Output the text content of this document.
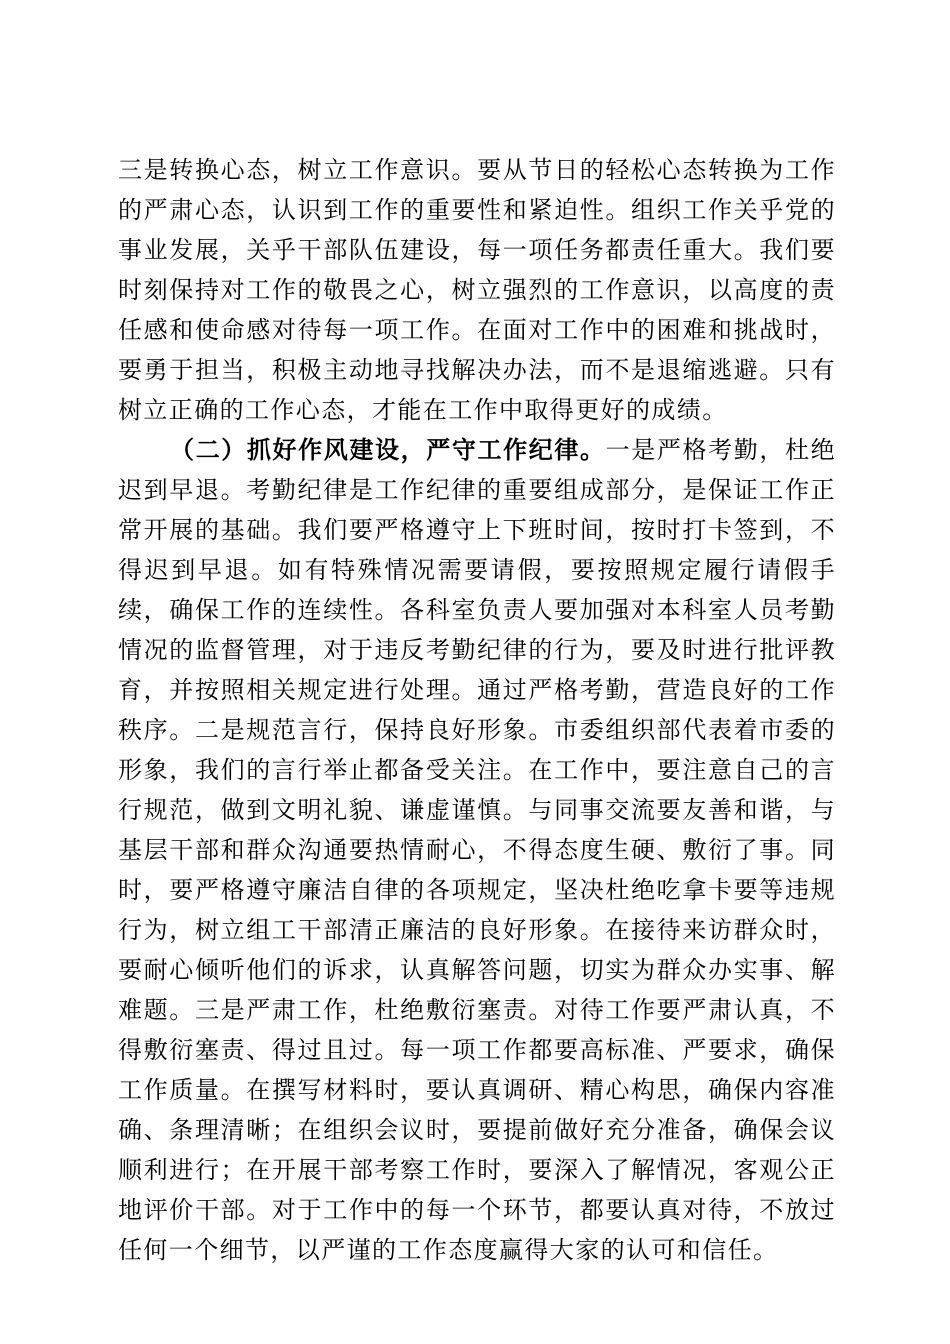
三是转换心态，树立工作意识。要从节日的轻松心态转换为工作的严肃心态，认识到工作的重要性和紧迫性。组织工作关乎党的事业发展，关乎干部队伍建设，每一项任务都责任重大。我们要时刻保持对工作的敬畏之心，树立强烈的工作意识，以高度的责任感和使命感对待每一项工作。在面对工作中的困难和挑战时，要勇于担当，积极主动地寻找解决办法，而不是退缩逃避。只有树立正确的工作心态，才能在工作中取得更好的成绩。

（二）抓好作风建设，严守工作纪律。一是严格考勤，杜绝迟到早退。考勤纪律是工作纪律的重要组成部分，是保证工作正常开展的基础。我们要严格遵守上下班时间，按时打卡签到，不得迟到早退。如有特殊情况需要请假，要按照规定履行请假手续，确保工作的连续性。各科室负责人要加强对本科室人员考勤情况的监督管理，对于违反考勤纪律的行为，要及时进行批评教育，并按照相关规定进行处理。通过严格考勤，营造良好的工作秩序。二是规范言行，保持良好形象。市委组织部代表着市委的形象，我们的言行举止都备受关注。在工作中，要注意自己的言行规范，做到文明礼貌、谦虚谨慎。与同事交流要友善和谐，与基层干部和群众沟通要热情耐心，不得态度生硬、敷衍了事。同时，要严格遵守廉洁自律的各项规定，坚决杜绝吃拿卡要等违规行为，树立组工干部清正廉洁的良好形象。在接待来访群众时，要耐心倾听他们的诉求，认真解答问题，切实为群众办实事、解难题。三是严肃工作，杜绝敷衍塞责。对待工作要严肃认真，不得敷衍塞责、得过且过。每一项工作都要高标准、严要求，确保工作质量。在撰写材料时，要认真调研、精心构思，确保内容准确、条理清晰；在组织会议时，要提前做好充分准备，确保会议顺利进行；在开展干部考察工作时，要深入了解情况，客观公正地评价干部。对于工作中的每一个环节，都要认真对待，不放过任何一个细节，以严谨的工作态度赢得大家的认可和信任。
